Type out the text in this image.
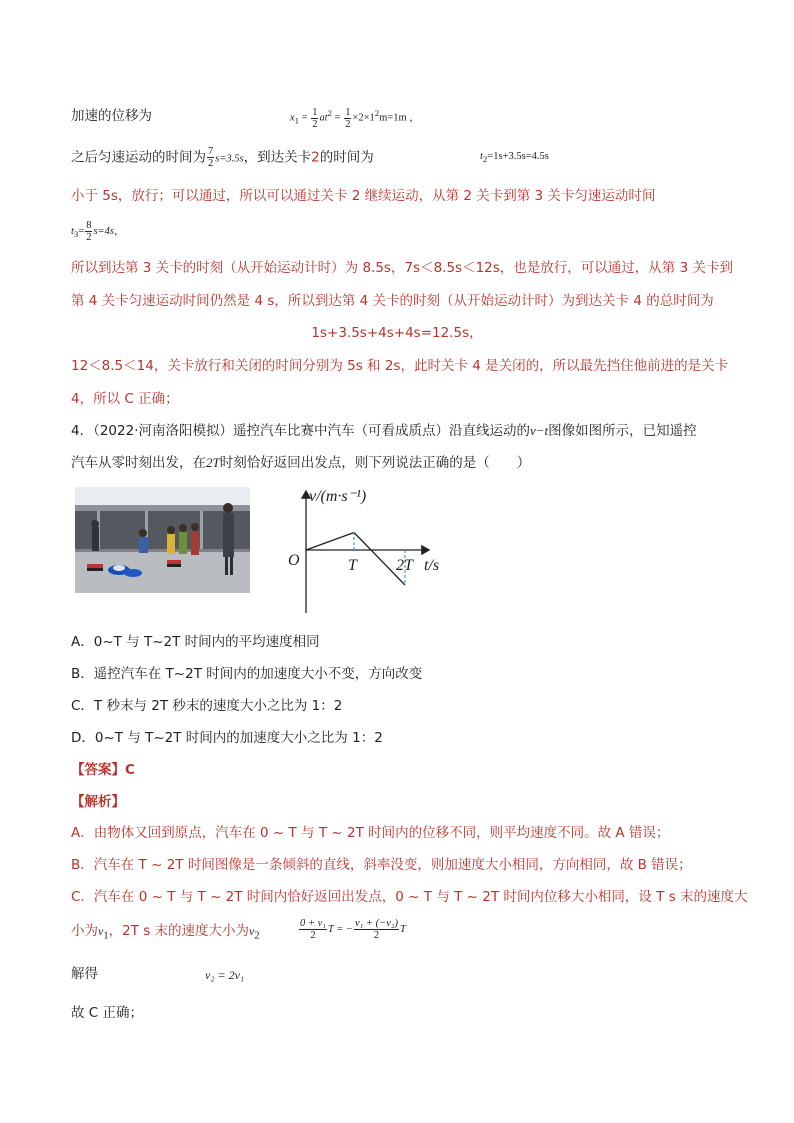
加速的位移为	$x_1 = \frac{1}{2} at^2 = \frac{1}{2} \times 2\times 1^2m=1m$ ，
之后匀速运动的时间为 $\frac{7}{2} s=3.5s$，到达关卡2的时间为	$t_2=1s+3.5s=4.5s$
小于 5s，放行；可以通过，所以可以通过关卡 2 继续运动，从第 2 关卡到第 3 关卡匀速运动时间
$t_3= \frac{8}{2} s=4s$，
所以到达第 3 关卡的时刻（从开始运动计时）为 8.5s，7s＜8.5s＜12s，也是放行，可以通过，从第 3 关卡到
第 4 关卡匀速运动时间仍然是 4 s，所以到达第 4 关卡的时刻（从开始运动计时）为到达关卡 4 的总时间为
1s+3.5s+4s+4s=12.5s，
12＜8.5＜14，关卡放行和关闭的时间分别为 5s 和 2s，此时关卡 4 是关闭的，所以最先挡住他前进的是关卡
4，所以 C 正确；
4．（2022·河南洛阳模拟）遥控汽车比赛中汽车（可看成质点）沿直线运动的v−t图像如图所示，已知遥控
汽车从零时刻出发，在2T时刻恰好返回出发点，则下列说法正确的是（　　）
v/(m·s⁻¹)
O	T 2T t/s
A．0~T 与 T~2T 时间内的平均速度相同
B．遥控汽车在 T~2T 时间内的加速度大小不变，方向改变
C．T 秒末与 2T 秒末的速度大小之比为 1：2
D．0~T 与 T~2T 时间内的加速度大小之比为 1：2
【答案】C
【解析】
A．由物体又回到原点，汽车在 0 ~ T 与 T ~ 2T 时间内的位移不同，则平均速度不同。故 A 错误；
B．汽车在 T ~ 2T 时间图像是一条倾斜的直线，斜率没变，则加速度大小相同，方向相同，故 B 错误；
C．汽车在 0 ~ T 与 T ~ 2T 时间内恰好返回出发点，0 ~ T 与 T ~ 2T 时间内位移大小相同，设 T s 末的速度大
小为$v_1$，2T s 末的速度大小为$v_2$	$\frac{\text{0 + v₁}}{2}$ T = − $\frac{\text{v₁ + (−v₂)}}{2}$ T
解得	v₂ = 2v₁
故 C 正确；
